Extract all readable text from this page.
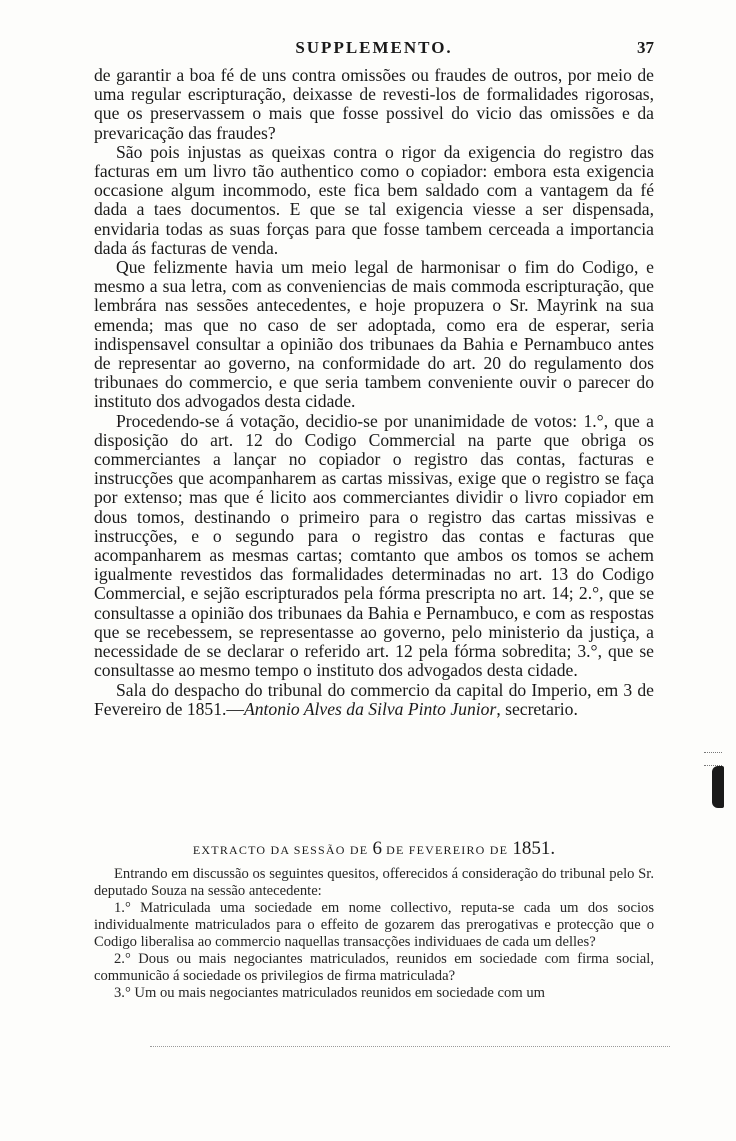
SUPPLEMENTO.	37

de garantir a boa fé de uns contra omissões ou fraudes de outros, por meio de uma regular escripturação, deixasse de revesti-los de formalidades rigorosas, que os preservassem o mais que fosse possivel do vicio das omissões e da prevaricação das fraudes?

São pois injustas as queixas contra o rigor da exigencia do registro das facturas em um livro tão authentico como o copiador: embora esta exigencia occasione algum incommodo, este fica bem saldado com a vantagem da fé dada a taes documentos. E que se tal exigencia viesse a ser dispensada, envidaria todas as suas forças para que fosse tambem cerceada a importancia dada ás facturas de venda.

Que felizmente havia um meio legal de harmonisar o fim do Codigo, e mesmo a sua letra, com as conveniencias de mais commoda escripturação, que lembrára nas sessões antecedentes, e hoje propuzera o Sr. Mayrink na sua emenda; mas que no caso de ser adoptada, como era de esperar, seria indispensavel consultar a opinião dos tribunaes da Bahia e Pernambuco antes de representar ao governo, na conformidade do art. 20 do regulamento dos tribunaes do commercio, e que seria tambem conveniente ouvir o parecer do instituto dos advogados desta cidade.

Procedendo-se á votação, decidio-se por unanimidade de votos: 1.°, que a disposição do art. 12 do Codigo Commercial na parte que obriga os commerciantes a lançar no copiador o registro das contas, facturas e instrucções que acompanharem as cartas missivas, exige que o registro se faça por extenso; mas que é licito aos commerciantes dividir o livro copiador em dous tomos, destinando o primeiro para o registro das cartas missivas e instrucções, e o segundo para o registro das contas e facturas que acompanharem as mesmas cartas; comtanto que ambos os tomos se achem igualmente revestidos das formalidades determinadas no art. 13 do Codigo Commercial, e sejão escripturados pela fórma prescripta no art. 14; 2.°, que se consultasse a opinião dos tribunaes da Bahia e Pernambuco, e com as respostas que se recebessem, se representasse ao governo, pelo ministerio da justiça, a necessidade de se declarar o referido art. 12 pela fórma sobredita; 3.°, que se consultasse ao mesmo tempo o instituto dos advogados desta cidade.

Sala do despacho do tribunal do commercio da capital do Imperio, em 3 de Fevereiro de 1851.—Antonio Alves da Silva Pinto Junior, secretario.

EXTRACTO DA SESSÃO DE 6 DE FEVEREIRO DE 1851.

Entrando em discussão os seguintes quesitos, offerecidos á consideração do tribunal pelo Sr. deputado Souza na sessão antecedente:

1.° Matriculada uma sociedade em nome collectivo, reputa-se cada um dos socios individualmente matriculados para o effeito de gozarem das prerogativas e protecção que o Codigo liberalisa ao commercio naquellas transacções individuaes de cada um delles?

2.° Dous ou mais negociantes matriculados, reunidos em sociedade com firma social, communicão á sociedade os privilegios de firma matriculada?

3.° Um ou mais negociantes matriculados reunidos em sociedade com um
